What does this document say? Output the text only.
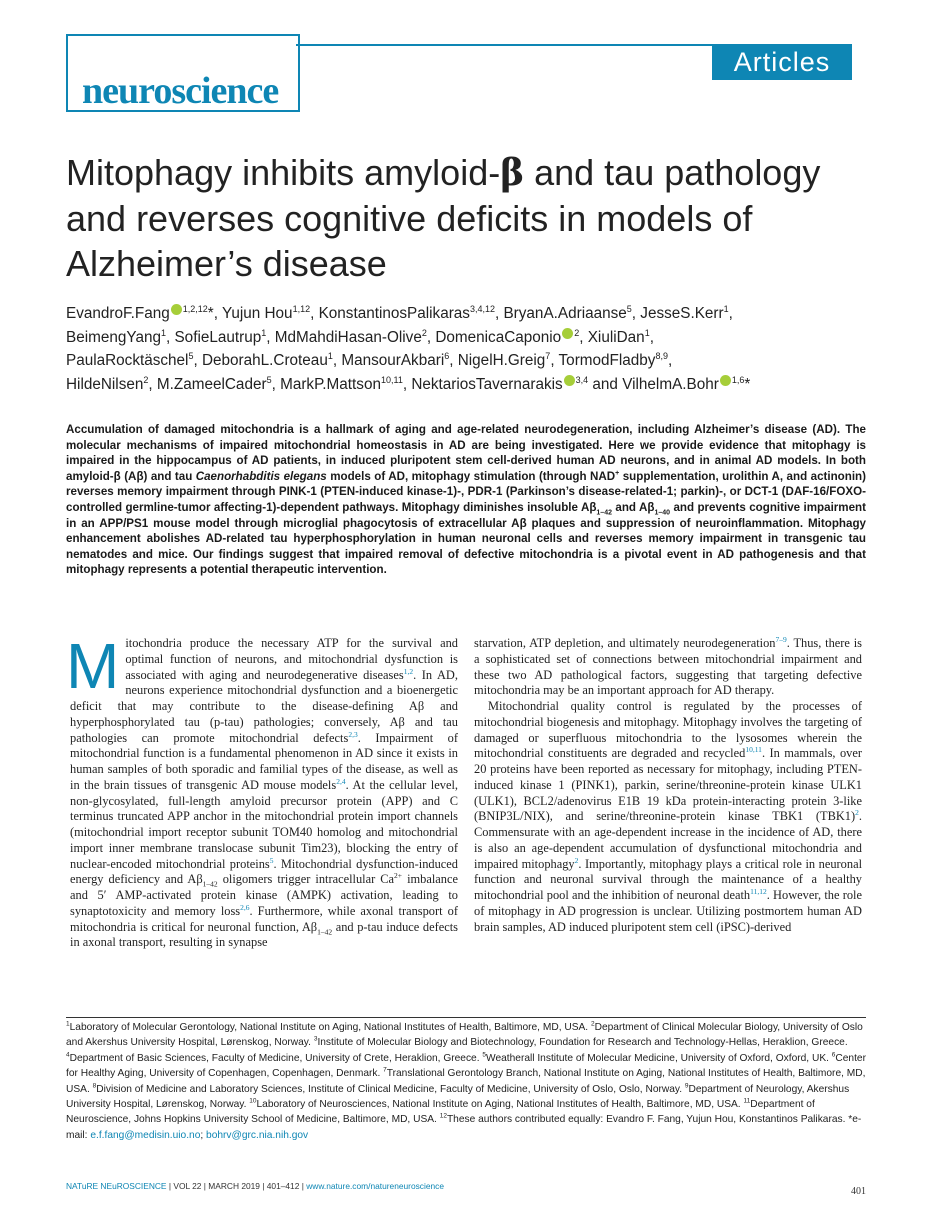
neuroscience
Articles
Mitophagy inhibits amyloid-β and tau pathology and reverses cognitive deficits in models of Alzheimer’s disease
EvandroF.Fang $^{1,2,12}$*, Yujun Hou$^{1,12}$, KonstantinosPalikaras$^{3,4,12}$, BryanA.Adriaanse$^5$, JesseS.Kerr$^1$,
BeimengYang$^1$, SofieLautrup$^1$, MdMahdiHasan-Olive$^2$, DomenicaCaponio $^2$, XiuliDan$^1$,
PaulaRocktäschel$^5$, DeborahL.Croteau$^1$, MansourAkbari$^6$, NigelH.Greig$^7$, TormodFladby$^{8,9}$,
HildeNilsen$^2$, M.ZameelCader$^5$, MarkP.Mattson$^{10,11}$, NektariosTavernarakis $^{3,4}$ and VilhelmA.Bohr $^{1,6}$*
Accumulation of damaged mitochondria is a hallmark of aging and age-related neurodegeneration, including Alzheimer’s disease (AD). The molecular mechanisms of impaired mitochondrial homeostasis in AD are being investigated. Here we provide evidence that mitophagy is impaired in the hippocampus of AD patients, in induced pluripotent stem cell-derived human AD neurons, and in animal AD models. In both amyloid-β (Aβ) and tau Caenorhabditis elegans models of AD, mitophagy stimulation (through NAD+ supplementation, urolithin A, and actinonin) reverses memory impairment through PINK-1 (PTEN-induced kinase-1)-, PDR-1 (Parkinson’s disease-related-1; parkin)-, or DCT-1 (DAF-16/FOXO-controlled germline-tumor affecting-1)-dependent pathways. Mitophagy diminishes insoluble $A\beta_{1-42}$ and $A\beta_{1-40}$ and prevents cognitive impairment in an APP/PS1 mouse model through microglial phagocytosis of extracellular Aβ plaques and suppression of neuroinflammation. Mitophagy enhancement abolishes AD-related tau hyperphosphorylation in human neuronal cells and reverses memory impairment in transgenic tau nematodes and mice. Our findings suggest that impaired removal of defective mitochondria is a pivotal event in AD pathogenesis and that mitophagy represents a potential therapeutic intervention.

Mitochondria produce the necessary ATP for the survival and optimal function of neurons, and mitochondrial dysfunction is associated with aging and neurodegenerative diseases$^{1,2}$. In AD, neurons experience mitochondrial dysfunction and a bioenergetic deficit that may contribute to the disease-defining Aβ and hyperphosphorylated tau (p-tau) pathologies; conversely, Aβ and tau pathologies can promote mitochondrial defects$^{2,3}$. Impairment of mitochondrial function is a fundamental phenomenon in AD since it exists in human samples of both sporadic and familial types of the disease, as well as in the brain tissues of transgenic AD mouse models$^{2,4}$. At the cellular level, non-glycosylated, full-length amyloid precursor protein (APP) and C terminus truncated APP anchor in the mitochondrial protein import channels (mitochondrial import receptor subunit TOM40 homolog and mitochondrial import inner membrane translocase subunit Tim23), blocking the entry of nuclear-encoded mitochondrial proteins$^5$. Mitochondrial dysfunction-induced energy deficiency and $A\beta_{1-42}$ oligomers trigger intracellular $Ca^{2+}$ imbalance and 5′ AMP-activated protein kinase (AMPK) activation, leading to synaptotoxicity and memory loss$^{2,6}$. Furthermore, while axonal transport of mitochondria is critical for neuronal function, $A\beta_{1-42}$ and p-tau induce defects in axonal transport, resulting in synapse

starvation, ATP depletion, and ultimately neurodegeneration$^{7-9}$. Thus, there is a sophisticated set of connections between mitochondrial impairment and these two AD pathological factors, suggesting that targeting defective mitochondria may be an important approach for AD therapy.

Mitochondrial quality control is regulated by the processes of mitochondrial biogenesis and mitophagy. Mitophagy involves the targeting of damaged or superfluous mitochondria to the lysosomes wherein the mitochondrial constituents are degraded and recycled$^{10,11}$. In mammals, over 20 proteins have been reported as necessary for mitophagy, including PTEN-induced kinase 1 (PINK1), parkin, serine/threonine-protein kinase ULK1 (ULK1), BCL2/adenovirus E1B 19 kDa protein-interacting protein 3-like (BNIP3L/NIX), and serine/threonine-protein kinase TBK1 (TBK1)$^2$. Commensurate with an age-dependent increase in the incidence of AD, there is also an age-dependent accumulation of dysfunctional mitochondria and impaired mitophagy$^2$. Importantly, mitophagy plays a critical role in neuronal function and neuronal survival through the maintenance of a healthy mitochondrial pool and the inhibition of neuronal death$^{11,12}$. However, the role of mitophagy in AD progression is unclear. Utilizing postmortem human AD brain samples, AD induced pluripotent stem cell (iPSC)-derived

$^1$Laboratory of Molecular Gerontology, National Institute on Aging, National Institutes of Health, Baltimore, MD, USA. $^2$Department of Clinical Molecular Biology, University of Oslo and Akershus University Hospital, Lørenskog, Norway. $^3$Institute of Molecular Biology and Biotechnology, Foundation for Research and Technology-Hellas, Heraklion, Greece. $^4$Department of Basic Sciences, Faculty of Medicine, University of Crete, Heraklion, Greece. $^5$Weatherall Institute of Molecular Medicine, University of Oxford, Oxford, UK. $^6$Center for Healthy Aging, University of Copenhagen, Copenhagen, Denmark. $^7$Translational Gerontology Branch, National Institute on Aging, National Institutes of Health, Baltimore, MD, USA. $^8$Division of Medicine and Laboratory Sciences, Institute of Clinical Medicine, Faculty of Medicine, University of Oslo, Oslo, Norway. $^9$Department of Neurology, Akershus University Hospital, Lørenskog, Norway. $^{10}$Laboratory of Neurosciences, National Institute on Aging, National Institutes of Health, Baltimore, MD, USA. $^{11}$Department of Neuroscience, Johns Hopkins University School of Medicine, Baltimore, MD, USA. $^{12}$These authors contributed equally: Evandro F. Fang, Yujun Hou, Konstantinos Palikaras. *e-mail: e.f.fang@medisin.uio.no; bohrv@grc.nia.nih.gov
NATuRE NEuROSCIENCE | VOL 22 | MARCH 2019 | 401–412 | www.nature.com/natureneuroscience	401
